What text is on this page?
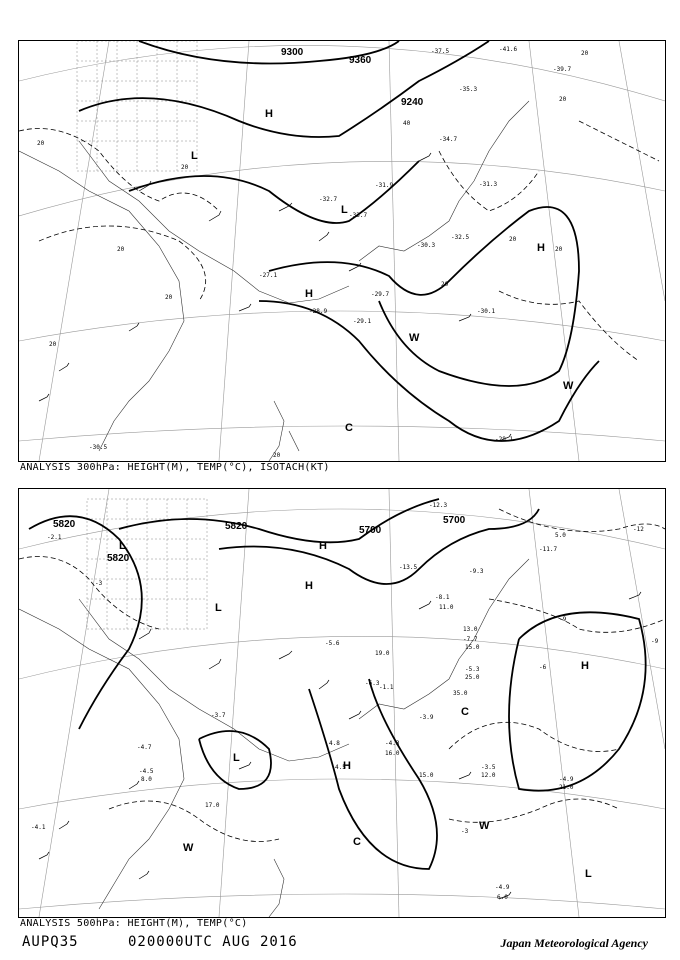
9300
9360
9240
20
20
20
40
20
20
20
20
20
20
20
20
H
H
H
L
L
C
W
W
-37.5	-41.6
-39.7
-35.3
-32.7
-34.7
-31.3
-30.3
-32.5
-29.7
-30.1
-28.1
-28.9
-27.1
-29.1
-30.5
-33.7
-31.9
ANALYSIS 300hPa: HEIGHT(M), TEMP(°C), ISOTACH(KT)
5820
5820
5820	5700
5700
-3
-12
-9
-6
-9
-3
L
L
L
H
H
H
H
C
C
W
W
L
-12.3
-13.5
-9.3
-8.1
-7.7
-5.3
-4.3
-3.5
-4.9
-4.9
-4.1
-2.1
-4.5
-4.7
-3.7	-3.9
-5.6
-6.3
-11.7
-1.1
5.0
11.0
13.0
15.0
16.0
17.0
19.0
21.0
25.0
35.0
12.0
8.0
6.0
4.8
4.5
15.0
ANALYSIS 500hPa: HEIGHT(M), TEMP(°C)
AUPQ35	020000UTC AUG 2016	Japan Meteorological Agency
